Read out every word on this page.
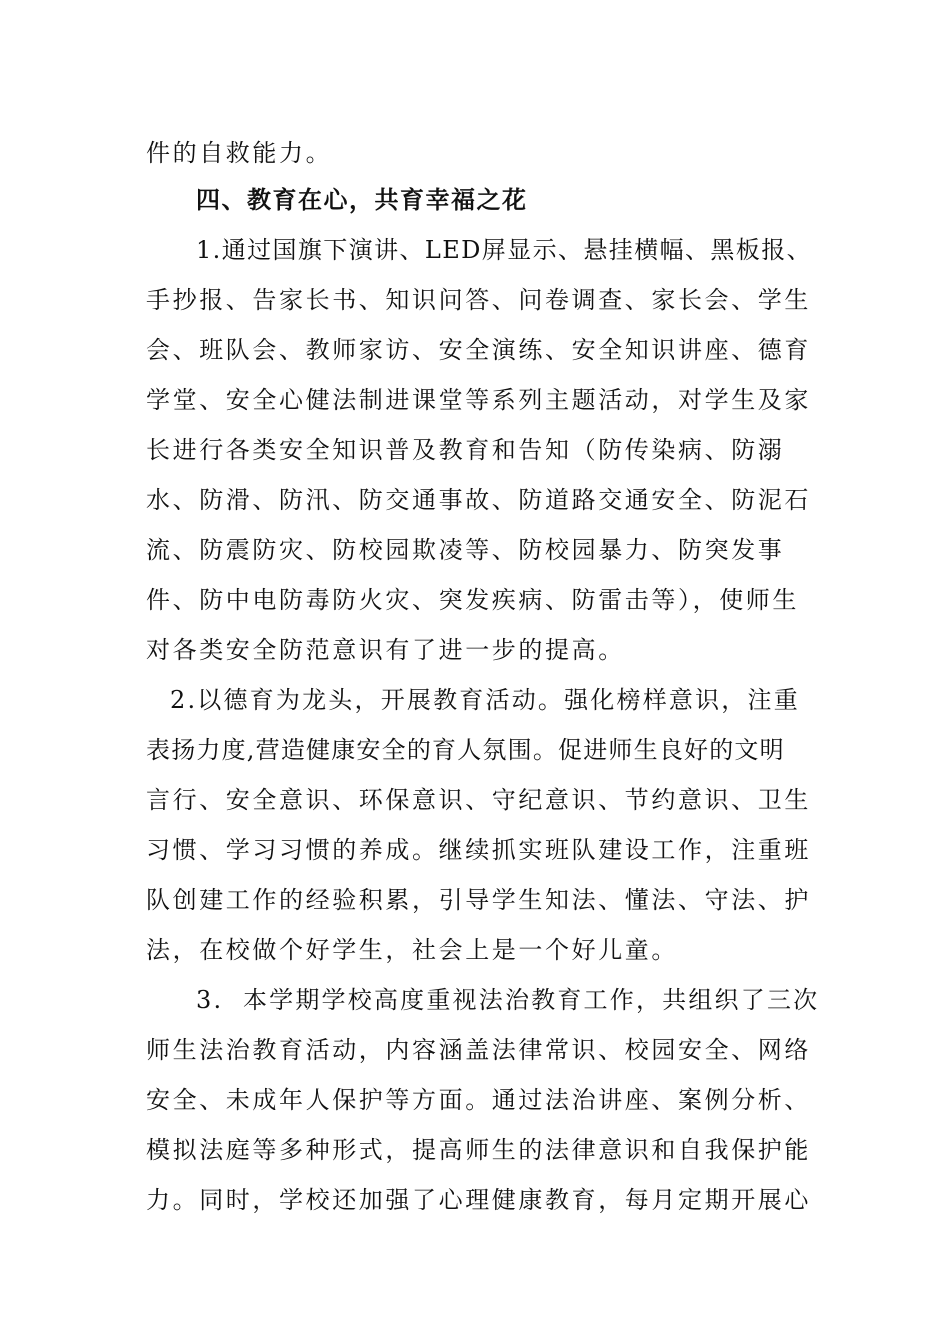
件的自救能力。
四、教育在心，共育幸福之花
1.通过国旗下演讲、LED屏显示、悬挂横幅、黑板报、
手抄报、告家长书、知识问答、问卷调查、家长会、学生
会、班队会、教师家访、安全演练、安全知识讲座、德育
学堂、安全心健法制进课堂等系列主题活动，对学生及家
长进行各类安全知识普及教育和告知（防传染病、防溺
水、防滑、防汛、防交通事故、防道路交通安全、防泥石
流、防震防灾、防校园欺凌等、防校园暴力、防突发事
件、防中电防毒防火灾、突发疾病、防雷击等），使师生
对各类安全防范意识有了进一步的提高。
2.以德育为龙头，开展教育活动。强化榜样意识，注重
表扬力度,营造健康安全的育人氛围。促进师生良好的文明
言行、安全意识、环保意识、守纪意识、节约意识、卫生
习惯、学习习惯的养成。继续抓实班队建设工作，注重班
队创建工作的经验积累，引导学生知法、懂法、守法、护
法，在校做个好学生，社会上是一个好儿童。
3.  本学期学校高度重视法治教育工作，共组织了三次
师生法治教育活动，内容涵盖法律常识、校园安全、网络
安全、未成年人保护等方面。通过法治讲座、案例分析、
模拟法庭等多种形式，提高师生的法律意识和自我保护能
力。同时，学校还加强了心理健康教育，每月定期开展心
